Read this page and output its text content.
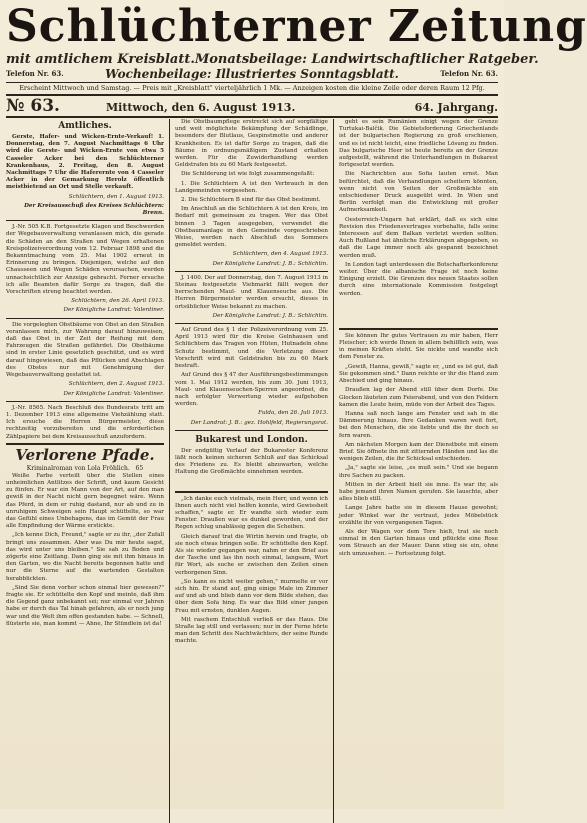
Schlüchterner Zeitung
mit amtlichem Kreisblatt. Monatsbeilage: Landwirtschaftlicher Ratgeber.
Telefon Nr. 63.	Wochenbeilage: Illustriertes Sonntagsblatt.	Telefon Nr. 63.
Erscheint Mittwoch und Samstag. — Preis mit „Kreisblatt" vierteljährlich 1 Mk. — Anzeigen kosten die kleine Zeile oder deren Raum 12 Pfg.
№ 63.	Mittwoch, den 6. August 1913.	64. Jahrgang.
Amtliches.

Gerste, Hafer- und Wicken-Ernte-Verkauf! 1. Donnerstag, den 7. August Nachmittags 6 Uhr wird die Gerste- und Wicken-Ernte von etwa 5 Casseler Acker bei den Schlüchterner Krankenhaus, 2. Freitag, den 8. August Nachmittags 7 Uhr die Haferernte von 4 Casseler Acker in der Gemarkung Herolz öffentlich meistbietend an Ort und Stelle verkauft.

Schlüchtern, den 1. August 1913.

Der Kreisausschuß des Kreises Schlüchtern: Brenn.

J.-Nr. 505 K.B. Fortgesetzte Klagen und Beschwerden der Wegebauverwaltung veranlassen mich, die gerade die Schäden an den Straßen und Wegen erhaltenen Kreispolizeiverordnung vom 12. Februar 1898 und die Bekanntmachung vom 25. Mai 1902 erneut in Erinnerung zu bringen. Diejenigen, welche auf den Chausseen und Wegen Schäden verursachen, werden unnachsichtlich zur Anzeige gebracht. Ferner ersuche ich alle Beamten dafür Sorge zu tragen, daß die Vorschriften streng beachtet werden.

Schlüchtern, den 26. April 1913.

Der Königliche Landrat: Valentiner.

Die vorgelegten Obstbäume von Obst an den Straßen veranlassen mich, zur Wahrung darauf hinzuweisen, daß das Obst in der Zeit der Reifung mit dem Fahrzeugen die Straßen gefährdet. Die Obstbäume sind in erster Linie gesetzlich geschützt, und es wird darauf hingewiesen, daß das Pflücken und Abschlagen des Obstes nur mit Genehmigung der Wegebauverwaltung gestattet ist.

Schlüchtern, den 2. August 1913.

Der Königliche Landrat: Valentiner.

J.-Nr. 8565. Nach Beschluß des Bundesrats tritt am 1. Dezember 1913 eine allgemeine Viehzählung statt. Ich ersuche die Herren Bürgermeister, diese rechtzeitig vorzubereiten und die erforderlichen Zählpapiere bei dem Kreisausschuß anzufordern.

Verlorene Pfade.
Kriminalroman von Lola Fröhlich. 65

Weiße Farbe verteilt über die Stellen eines unheimlichen Antlitzes der Schrift, und kaum Gesicht zu fünfen. Er war ein Mann von der Art, auf den man gewiß in der Nacht nicht gern begegnet wäre. Wenn das Pferd, in dem er ruhig dastand, nur ab und zu in unruhigem Schweigen sein Haupt schüttelte, so war das Gefühl eines Unbehagens, das im Gemüt der Frau alle Empfindung der Wärme erstickte.

„Ich kenne Dich, Freund," sagte er zu ihr, „der Zufall bringt uns zusammen. Aber was Du mir heute sagst, das wird unter uns bleiben." Sie sah zu Boden und zögerte eine Zeitlang. Dann ging sie mit ihm hinaus in den Garten, wo die Nacht bereits begonnen hatte und nur die Sterne auf die wartenden Gestalten herabblickten.

„Sind Sie denn vorher schon einmal hier gewesen?" fragte sie. Er schüttelte den Kopf und meinte, daß ihm die Gegend ganz unbekannt sei; nur einmal vor Jahren habe er durch das Tal hinab gefahren, als er noch jung war und die Welt ihm offen gestanden habe. — Schnell, flüsterte sie, man kommt — Ahne, Ihr Stündlein ist da!

Die Obstbaumpflege erstreckt sich auf sorgfältige und weit möglichste Bekämpfung der Schädlinge, besonders der Blutlaus, Gespinstmotte und anderer Krankheiten. Es ist dafür Sorge zu tragen, daß die Bäume in ordnungsmäßigem Zustand erhalten werden. Für die Zuwiderhandlung werden Geldstrafen bis zu 60 Mark festgesetzt.

Die Schilderung ist wie folgt zusammengefaßt:

1. Die Schlüchtern A ist den Verbrauch in den Landgemeinden vorgesehen.

2. Die Schlüchtern B sind für das Obst bestimmt.

Im Anschluß an die Schlüchtern A ist den Kreis, im Bedarf mit gemeinsam zu tragen. Wer das Obst binnen 3 Tagen ausgegeben, verwendet die Obstbaumanlage in den Gemeinde vorgeschrieben Weise, werden nach Abschluß des Sommers gemeldet werden.

Schlüchtern, den 4. August 1913.

Der Königliche Landrat: J. B.: Schlichtin.

J. 1400. Der auf Donnerstag, den 7. August 1913 in Steinau festgesetzte Viehmarkt fällt wegen der herrschenden Maul- und Klauenseuche aus. Die Herren Bürgermeister werden ersucht, dieses in ortsüblicher Weise bekannt zu machen.

Der Königliche Landrat: J. B.: Schlichtin.

Auf Grund des § 1 der Polizeiverordnung vom 25. April 1913 wird für die Kreise Gelnhausen und Schlüchtern das Tragen von Hüten, Hutnadeln ohne Schutz bestimmt, und die Verletzung dieser Vorschrift wird mit Geldstrafen bis zu 60 Mark bestraft.

Auf Grund des § 47 der Ausführungsbestimmungen vom 1. Mai 1912 werden, bis zum 30. Juni 1913, Maul- und Klauenseuchen-Sperren angeordnet, die nach erfolgter Verwertung wieder aufgehoben werden.

Fulda, den 26. Juli 1913.

Der Landrat: J. B.: gez. Hohlfeld, Regierungsrat.

Bukarest und London.

Der endgültig Verlauf der Bukarester Konferenz läßt noch keinen sicheren Schluß auf das Schicksal des Friedens zu. Es bleibt abzuwarten, welche Haltung die Großmächte einnehmen werden.

„Ich danke euch vielmals, mein Herr, und wenn ich Ihnen auch nicht viel helfen konnte, wird Gewissheit schaffen," sagte er. Er wandte sich wieder zum Fenster. Draußen war es dunkel geworden, und der Regen schlug unablässig gegen die Scheiben.

Gleich darauf trat die Wirtin herein und fragte, ob sie noch etwas bringen solle. Er schüttelte den Kopf. Als sie wieder gegangen war, nahm er den Brief aus der Tasche und las ihn noch einmal, langsam, Wort für Wort, als suche er zwischen den Zeilen einen verborgenen Sinn.

„So kann es nicht weiter gehen," murmelte er vor sich hin. Er stand auf, ging einige Male im Zimmer auf und ab und blieb dann vor dem Bilde stehen, das über dem Sofa hing. Es war das Bild einer jungen Frau mit ernsten, dunklen Augen.

Mit raschem Entschluß verließ er das Haus. Die Straße lag still und verlassen; nur in der Ferne hörte man den Schritt des Nachtwächters, der seine Runde machte.

geht es sein Rumänien einigt wegen der Grenze Turtukai-Balčik. Die Gebietsforderung Griechenlands ist der bulgarischen Regierung zu groß erschienen, und es ist nicht leicht, eine friedliche Lösung zu finden. Das bulgarische Heer ist heute bereits an der Grenze aufgestellt, während die Unterhandlungen in Bukarest fortgesetzt werden.

Die Nachrichten aus Sofia lauten ernst. Man befürchtet, daß die Verhandlungen scheitern könnten, wenn nicht von Seiten der Großmächte ein entschiedener Druck ausgeübt wird. In Wien und Berlin verfolgt man die Entwicklung mit großer Aufmerksamkeit.

Oesterreich-Ungarn hat erklärt, daß es sich eine Revision des Friedensvertrages vorbehalte, falls seine Interessen auf dem Balkan verletzt werden sollten. Auch Rußland hat ähnliche Erklärungen abgegeben, so daß die Lage immer noch als gespannt bezeichnet werden muß.

In London tagt unterdessen die Botschafterkonferenz weiter. Über die albanische Frage ist noch keine Einigung erzielt. Die Grenzen des neuen Staates sollen durch eine internationale Kommission festgelegt werden.

Sie können Ihr gutes Vertrauen zu mir haben, Herr Fleischer; ich werde Ihnen in allem behilflich sein, was in meinen Kräften steht. Sie nickte und wandte sich dem Fenster zu.

„Gewiß, Hanna, gewiß," sagte er, „und es ist gut, daß Sie gekommen sind." Dann reichte er ihr die Hand zum Abschied und ging hinaus.

Draußen lag der Abend still über dem Dorfe. Die Glocken läuteten zum Feierabend, und von den Feldern kamen die Leute heim, müde von der Arbeit des Tages.

Hanna saß noch lange am Fenster und sah in die Dämmerung hinaus. Ihre Gedanken waren weit fort, bei den Menschen, die sie liebte und die ihr doch so fern waren.

Am nächsten Morgen kam der Dienstbote mit einem Brief. Sie öffnete ihn mit zitternden Händen und las die wenigen Zeilen, die ihr Schicksal entschieden.

„Ja," sagte sie leise, „es muß sein." Und sie begann ihre Sachen zu packen.

Mitten in der Arbeit hielt sie inne. Es war ihr, als habe jemand ihren Namen gerufen. Sie lauschte, aber alles blieb still.

Lange Jahre hatte sie in diesem Hause gewohnt; jeder Winkel war ihr vertraut, jedes Möbelstück erzählte ihr von vergangenen Tagen.

Als der Wagen vor dem Tore hielt, trat sie noch einmal in den Garten hinaus und pflückte eine Rose vom Strauch an der Mauer. Dann stieg sie ein, ohne sich umzusehen. — Fortsetzung folgt.
